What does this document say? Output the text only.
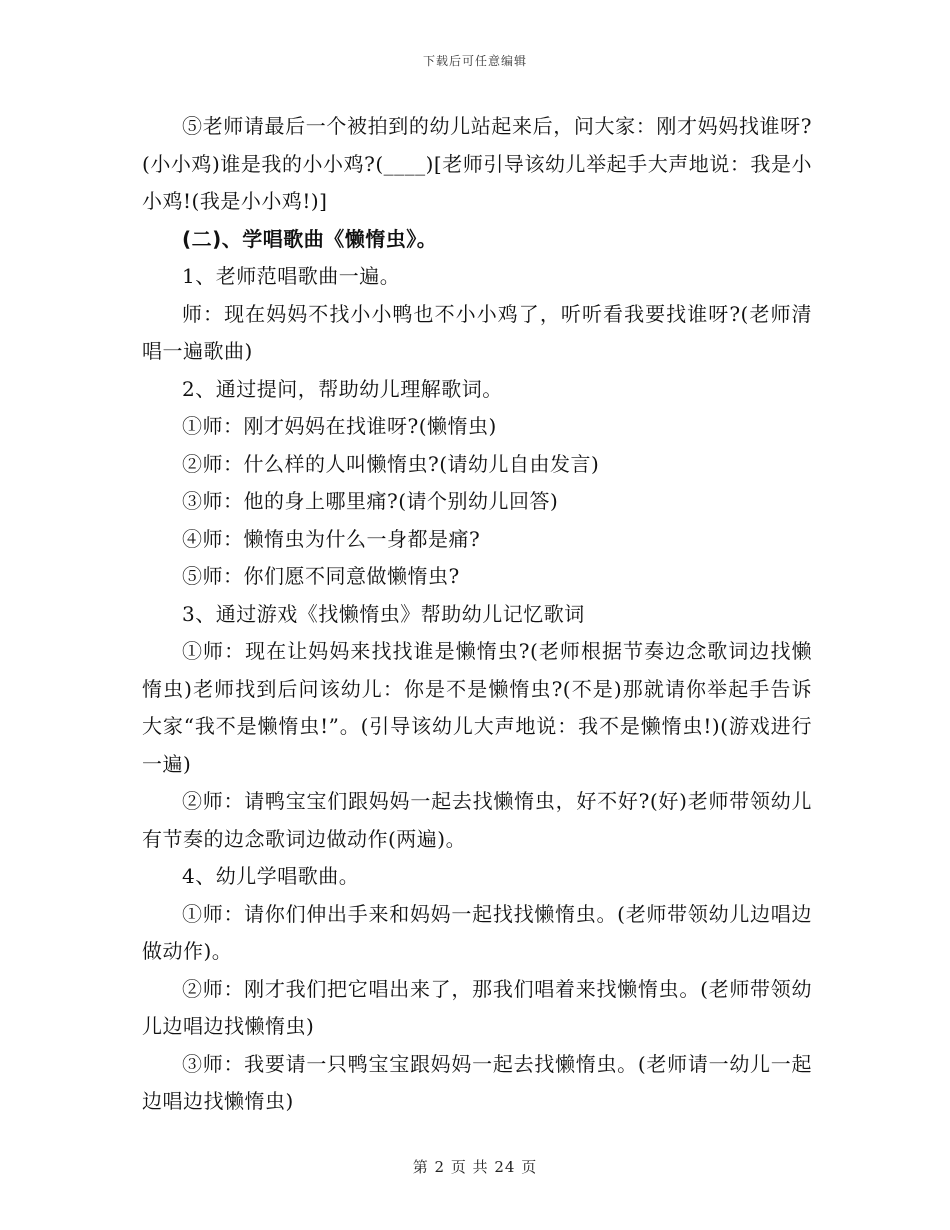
下载后可任意编辑

⑤老师请最后一个被拍到的幼儿站起来后，问大家：刚才妈妈找谁呀?(小小鸡)谁是我的小小鸡?(____)[老师引导该幼儿举起手大声地说：我是小小鸡!(我是小小鸡!)]

(二)、学唱歌曲《懒惰虫》。

1、老师范唱歌曲一遍。

师：现在妈妈不找小小鸭也不小小鸡了，听听看我要找谁呀?(老师清唱一遍歌曲)

2、通过提问，帮助幼儿理解歌词。

①师：刚才妈妈在找谁呀?(懒惰虫)

②师：什么样的人叫懒惰虫?(请幼儿自由发言)

③师：他的身上哪里痛?(请个别幼儿回答)

④师：懒惰虫为什么一身都是痛?

⑤师：你们愿不同意做懒惰虫?

3、通过游戏《找懒惰虫》帮助幼儿记忆歌词

①师：现在让妈妈来找找谁是懒惰虫?(老师根据节奏边念歌词边找懒惰虫)老师找到后问该幼儿：你是不是懒惰虫?(不是)那就请你举起手告诉大家“我不是懒惰虫!”。(引导该幼儿大声地说：我不是懒惰虫!)(游戏进行一遍)

②师：请鸭宝宝们跟妈妈一起去找懒惰虫，好不好?(好)老师带领幼儿有节奏的边念歌词边做动作(两遍)。

4、幼儿学唱歌曲。

①师：请你们伸出手来和妈妈一起找找懒惰虫。(老师带领幼儿边唱边做动作)。

②师：刚才我们把它唱出来了，那我们唱着来找懒惰虫。(老师带领幼儿边唱边找懒惰虫)

③师：我要请一只鸭宝宝跟妈妈一起去找懒惰虫。(老师请一幼儿一起边唱边找懒惰虫)

第 2 页 共 24 页
